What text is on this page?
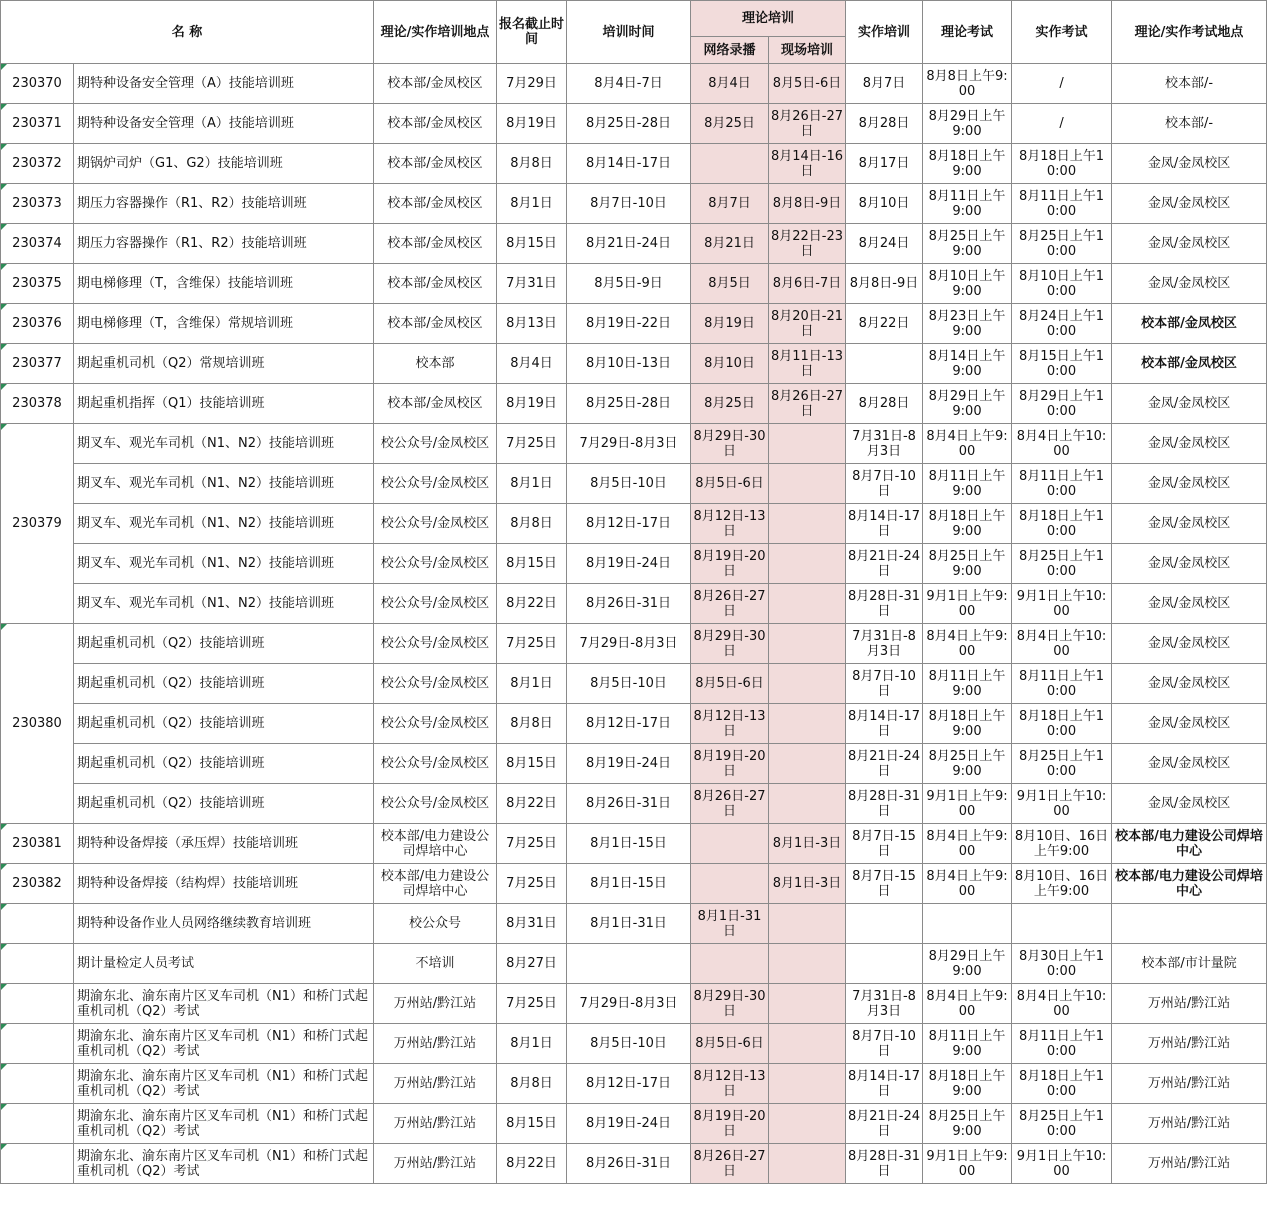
名 称		理论/实作培训地点	报名截止时间	培训时间	理论培训		实作培训	理论考试	实作考试	理论/实作考试地点
					网络录播	现场培训				
230370	期特种设备安全管理（A）技能培训班	校本部/金凤校区	7月29日	8月4日-7日	8月4日	8月5日-6日	8月7日	8月8日上午9:00	/	校本部/-
230371	期特种设备安全管理（A）技能培训班	校本部/金凤校区	8月19日	8月25日-28日	8月25日	8月26日-27日	8月28日	8月29日上午9:00	/	校本部/-
230372	期锅炉司炉（G1、G2）技能培训班	校本部/金凤校区	8月8日	8月14日-17日		8月14日-16日	8月17日	8月18日上午9:00	8月18日上午10:00	金凤/金凤校区
230373	期压力容器操作（R1、R2）技能培训班	校本部/金凤校区	8月1日	8月7日-10日	8月7日	8月8日-9日	8月10日	8月11日上午9:00	8月11日上午10:00	金凤/金凤校区
230374	期压力容器操作（R1、R2）技能培训班	校本部/金凤校区	8月15日	8月21日-24日	8月21日	8月22日-23日	8月24日	8月25日上午9:00	8月25日上午10:00	金凤/金凤校区
230375	期电梯修理（T，含维保）技能培训班	校本部/金凤校区	7月31日	8月5日-9日	8月5日	8月6日-7日	8月8日-9日	8月10日上午9:00	8月10日上午10:00	金凤/金凤校区
230376	期电梯修理（T，含维保）常规培训班	校本部/金凤校区	8月13日	8月19日-22日	8月19日	8月20日-21日	8月22日	8月23日上午9:00	8月24日上午10:00	校本部/金凤校区
230377	期起重机司机（Q2）常规培训班	校本部	8月4日	8月10日-13日	8月10日	8月11日-13日		8月14日上午9:00	8月15日上午10:00	校本部/金凤校区
230378	期起重机指挥（Q1）技能培训班	校本部/金凤校区	8月19日	8月25日-28日	8月25日	8月26日-27日	8月28日	8月29日上午9:00	8月29日上午10:00	金凤/金凤校区
230379	期叉车、观光车司机（N1、N2）技能培训班	校公众号/金凤校区	7月25日	7月29日-8月3日	8月29日-30日		7月31日-8月3日	8月4日上午9:00	8月4日上午10:00	金凤/金凤校区
	期叉车、观光车司机（N1、N2）技能培训班	校公众号/金凤校区	8月1日	8月5日-10日	8月5日-6日		8月7日-10日	8月11日上午9:00	8月11日上午10:00	金凤/金凤校区
	期叉车、观光车司机（N1、N2）技能培训班	校公众号/金凤校区	8月8日	8月12日-17日	8月12日-13日		8月14日-17日	8月18日上午9:00	8月18日上午10:00	金凤/金凤校区
	期叉车、观光车司机（N1、N2）技能培训班	校公众号/金凤校区	8月15日	8月19日-24日	8月19日-20日		8月21日-24日	8月25日上午9:00	8月25日上午10:00	金凤/金凤校区
	期叉车、观光车司机（N1、N2）技能培训班	校公众号/金凤校区	8月22日	8月26日-31日	8月26日-27日		8月28日-31日	9月1日上午9:00	9月1日上午10:00	金凤/金凤校区
230380	期起重机司机（Q2）技能培训班	校公众号/金凤校区	7月25日	7月29日-8月3日	8月29日-30日		7月31日-8月3日	8月4日上午9:00	8月4日上午10:00	金凤/金凤校区
	期起重机司机（Q2）技能培训班	校公众号/金凤校区	8月1日	8月5日-10日	8月5日-6日		8月7日-10日	8月11日上午9:00	8月11日上午10:00	金凤/金凤校区
	期起重机司机（Q2）技能培训班	校公众号/金凤校区	8月8日	8月12日-17日	8月12日-13日		8月14日-17日	8月18日上午9:00	8月18日上午10:00	金凤/金凤校区
	期起重机司机（Q2）技能培训班	校公众号/金凤校区	8月15日	8月19日-24日	8月19日-20日		8月21日-24日	8月25日上午9:00	8月25日上午10:00	金凤/金凤校区
	期起重机司机（Q2）技能培训班	校公众号/金凤校区	8月22日	8月26日-31日	8月26日-27日		8月28日-31日	9月1日上午9:00	9月1日上午10:00	金凤/金凤校区
230381	期特种设备焊接（承压焊）技能培训班	校本部/电力建设公司焊培中心	7月25日	8月1日-15日		8月1日-3日	8月7日-15日	8月4日上午9:00	8月10日、16日上午9:00	校本部/电力建设公司焊培中心
230382	期特种设备焊接（结构焊）技能培训班	校本部/电力建设公司焊培中心	7月25日	8月1日-15日		8月1日-3日	8月7日-15日	8月4日上午9:00	8月10日、16日上午9:00	校本部/电力建设公司焊培中心
	期特种设备作业人员网络继续教育培训班	校公众号	8月31日	8月1日-31日	8月1日-31日					
	期计量检定人员考试	不培训	8月27日					8月29日上午9:00	8月30日上午10:00	校本部/市计量院
	期渝东北、渝东南片区叉车司机（N1）和桥门式起重机司机（Q2）考试	万州站/黔江站	7月25日	7月29日-8月3日	8月29日-30日		7月31日-8月3日	8月4日上午9:00	8月4日上午10:00	万州站/黔江站
	期渝东北、渝东南片区叉车司机（N1）和桥门式起重机司机（Q2）考试	万州站/黔江站	8月1日	8月5日-10日	8月5日-6日		8月7日-10日	8月11日上午9:00	8月11日上午10:00	万州站/黔江站
	期渝东北、渝东南片区叉车司机（N1）和桥门式起重机司机（Q2）考试	万州站/黔江站	8月8日	8月12日-17日	8月12日-13日		8月14日-17日	8月18日上午9:00	8月18日上午10:00	万州站/黔江站
	期渝东北、渝东南片区叉车司机（N1）和桥门式起重机司机（Q2）考试	万州站/黔江站	8月15日	8月19日-24日	8月19日-20日		8月21日-24日	8月25日上午9:00	8月25日上午10:00	万州站/黔江站
	期渝东北、渝东南片区叉车司机（N1）和桥门式起重机司机（Q2）考试	万州站/黔江站	8月22日	8月26日-31日	8月26日-27日		8月28日-31日	9月1日上午9:00	9月1日上午10:00	万州站/黔江站
